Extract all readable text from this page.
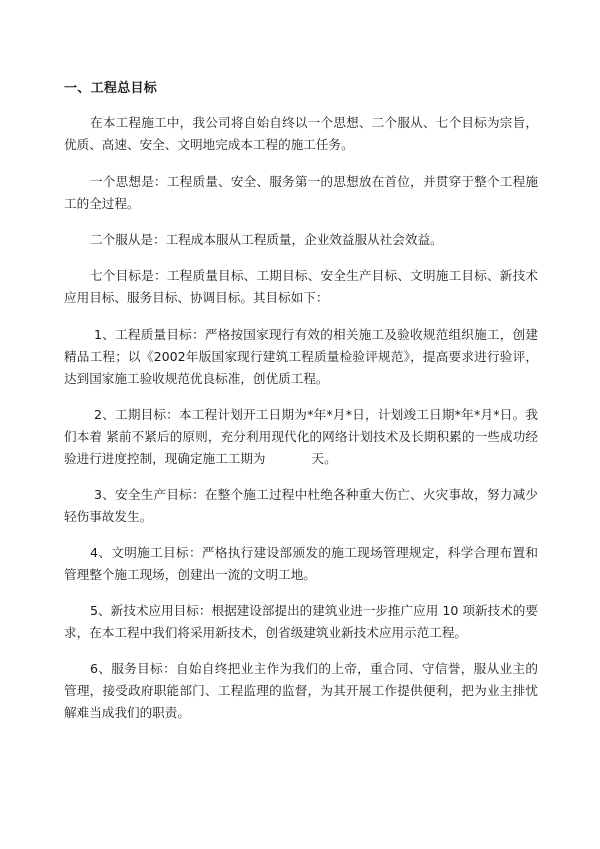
一、工程总目标

在本工程施工中，我公司将自始自终以一个思想、二个服从、七个目标为宗旨，优质、高速、安全、文明地完成本工程的施工任务。

一个思想是：工程质量、安全、服务第一的思想放在首位，并贯穿于整个工程施工的全过程。

二个服从是：工程成本服从工程质量，企业效益服从社会效益。

七个目标是：工程质量目标、工期目标、安全生产目标、文明施工目标、新技术应用目标、服务目标、协调目标。其目标如下：

1、工程质量目标：严格按国家现行有效的相关施工及验收规范组织施工，创建精品工程；以《2002年版国家现行建筑工程质量检验评规范》，提高要求进行验评，达到国家施工验收规范优良标准，创优质工程。

2、工期目标：本工程计划开工日期为*年*月*日，计划竣工日期*年*月*日。我们本着 紧前不紧后的原则，充分利用现代化的网络计划技术及长期积累的一些成功经验进行进度控制，现确定施工工期为	天。

3、安全生产目标：在整个施工过程中杜绝各种重大伤亡、火灾事故，努力减少轻伤事故发生。

4、文明施工目标：严格执行建设部颁发的施工现场管理规定，科学合理布置和管理整个施工现场，创建出一流的文明工地。

5、新技术应用目标：根据建设部提出的建筑业进一步推广应用 10 项新技术的要求，在本工程中我们将采用新技术，创省级建筑业新技术应用示范工程。

6、服务目标：自始自终把业主作为我们的上帝，重合同、守信誉，服从业主的管理，接受政府职能部门、工程监理的监督，为其开展工作提供便利，把为业主排忧解难当成我们的职责。
